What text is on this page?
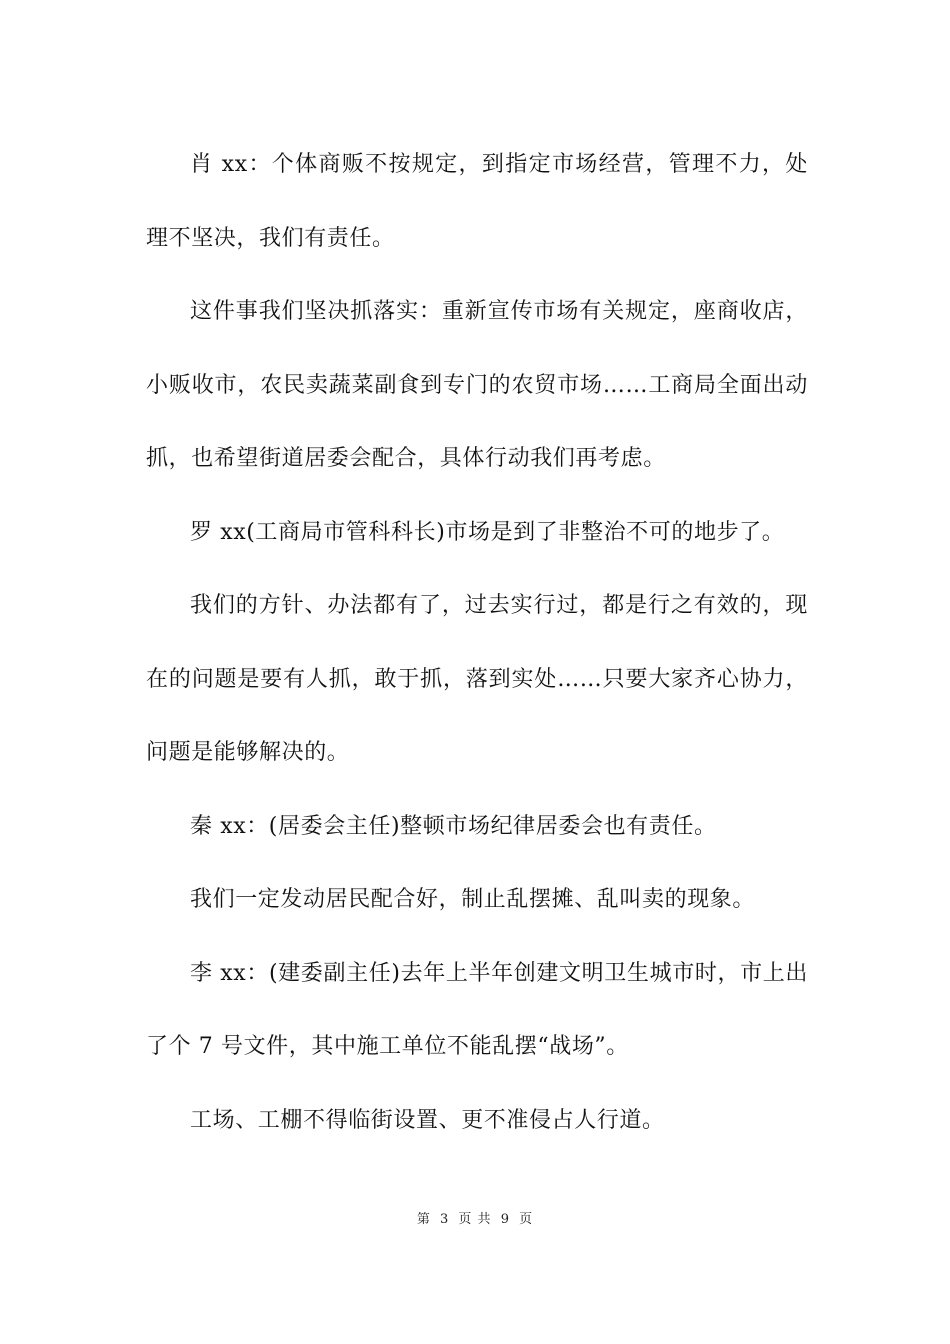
肖 xx：个体商贩不按规定，到指定市场经营，管理不力，处理不坚决，我们有责任。

这件事我们坚决抓落实：重新宣传市场有关规定，座商收店，小贩收市，农民卖蔬菜副食到专门的农贸市场……工商局全面出动抓，也希望街道居委会配合，具体行动我们再考虑。

罗 xx(工商局市管科科长)市场是到了非整治不可的地步了。

我们的方针、办法都有了，过去实行过，都是行之有效的，现在的问题是要有人抓，敢于抓，落到实处……只要大家齐心协力，问题是能够解决的。

秦 xx：(居委会主任)整顿市场纪律居委会也有责任。

我们一定发动居民配合好，制止乱摆摊、乱叫卖的现象。

李 xx：(建委副主任)去年上半年创建文明卫生城市时，市上出了个 7 号文件，其中施工单位不能乱摆“战场”。

工场、工棚不得临街设置、更不准侵占人行道。

第 3 页 共 9 页
